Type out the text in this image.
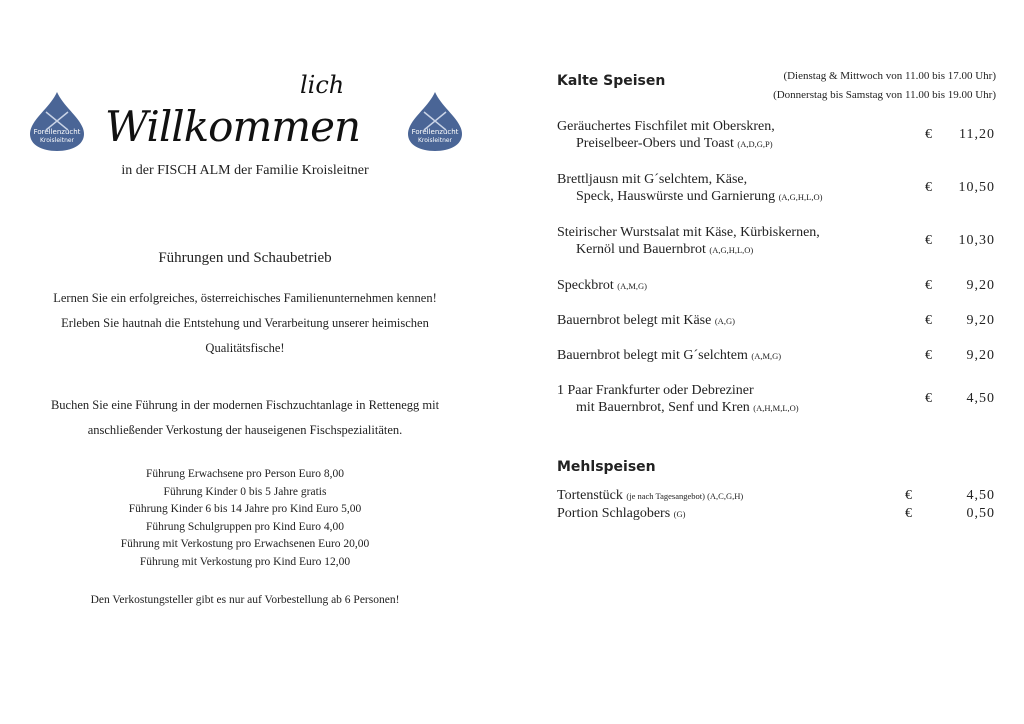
Forellenzucht
Kroisleitner
Forellenzucht
Kroisleitner
lich
Willkommen
in der FISCH ALM der Familie Kroisleitner
Führungen und Schaubetrieb
Lernen Sie ein erfolgreiches, österreichisches Familienunternehmen kennen!
Erleben Sie hautnah die Entstehung und Verarbeitung unserer heimischen
Qualitätsfische!
Buchen Sie eine Führung in der modernen Fischzuchtanlage in Rettenegg mit
anschließender Verkostung der hauseigenen Fischspezialitäten.
Führung Erwachsene pro Person Euro 8,00
Führung Kinder 0 bis 5 Jahre gratis
Führung Kinder 6 bis 14 Jahre pro Kind Euro 5,00
Führung Schulgruppen pro Kind Euro 4,00
Führung mit Verkostung pro Erwachsenen Euro 20,00
Führung mit Verkostung pro Kind Euro 12,00
Den Verkostungsteller gibt es nur auf Vorbestellung ab 6 Personen!
Kalte Speisen	(Dienstag & Mittwoch von 11.00 bis 17.00 Uhr)
(Donnerstag bis Samstag von 11.00 bis 19.00 Uhr)
Geräuchertes Fischfilet mit Oberskren,
Preiselbeer-Obers und Toast (A,D,G,P)
€ 11,20
Brettljausn mit G´selchtem, Käse,
Speck, Hauswürste und Garnierung (A,G,H,L,O)
€ 10,50
Steirischer Wurstsalat mit Käse, Kürbiskernen,
Kernöl und Bauernbrot (A,G,H,L,O)
€ 10,30
Speckbrot (A,M,G)	€ 9,20
Bauernbrot belegt mit Käse (A,G)	€ 9,20
Bauernbrot belegt mit G´selchtem (A,M,G)	€ 9,20
1 Paar Frankfurter oder Debreziner
mit Bauernbrot, Senf und Kren (A,H,M,L,O)
€ 4,50
Mehlspeisen
Tortenstück (je nach Tagesangebot) (A,C,G,H)	€	4,50
Portion Schlagobers (G)	€	0,50
